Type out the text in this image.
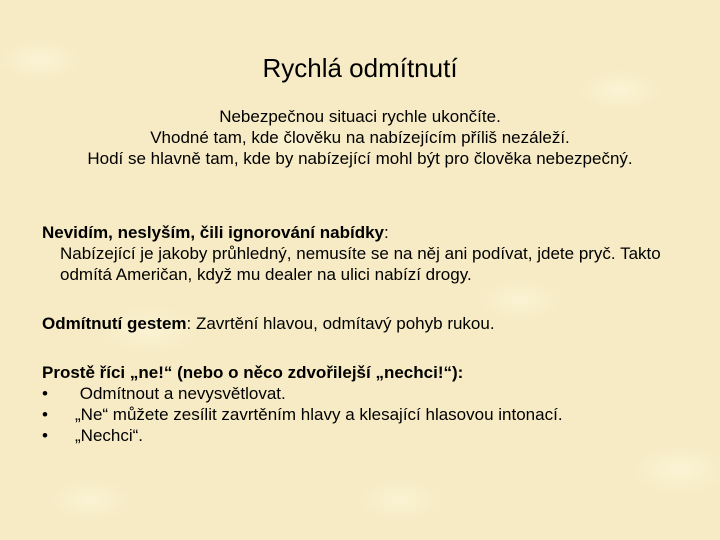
Rychlá odmítnutí
Nebezpečnou situaci rychle ukončíte.
Vhodné tam, kde člověku na nabízejícím příliš nezáleží.
Hodí se hlavně tam, kde by nabízející mohl být pro člověka nebezpečný.
Nevidím, neslyším, čili ignorování nabídky:
Nabízející je jakoby průhledný, nemusíte se na něj ani podívat, jdete pryč. Takto odmítá Američan, když mu dealer na ulici nabízí drogy.
Odmítnutí gestem: Zavrtění hlavou, odmítavý pohyb rukou.
Prostě říci „ne!“ (nebo o něco zdvořilejší „nechci!“):
• Odmítnout a nevysvětlovat.
• „Ne“ můžete zesílit zavrtěním hlavy a klesající hlasovou intonací.
• „Nechci“.
